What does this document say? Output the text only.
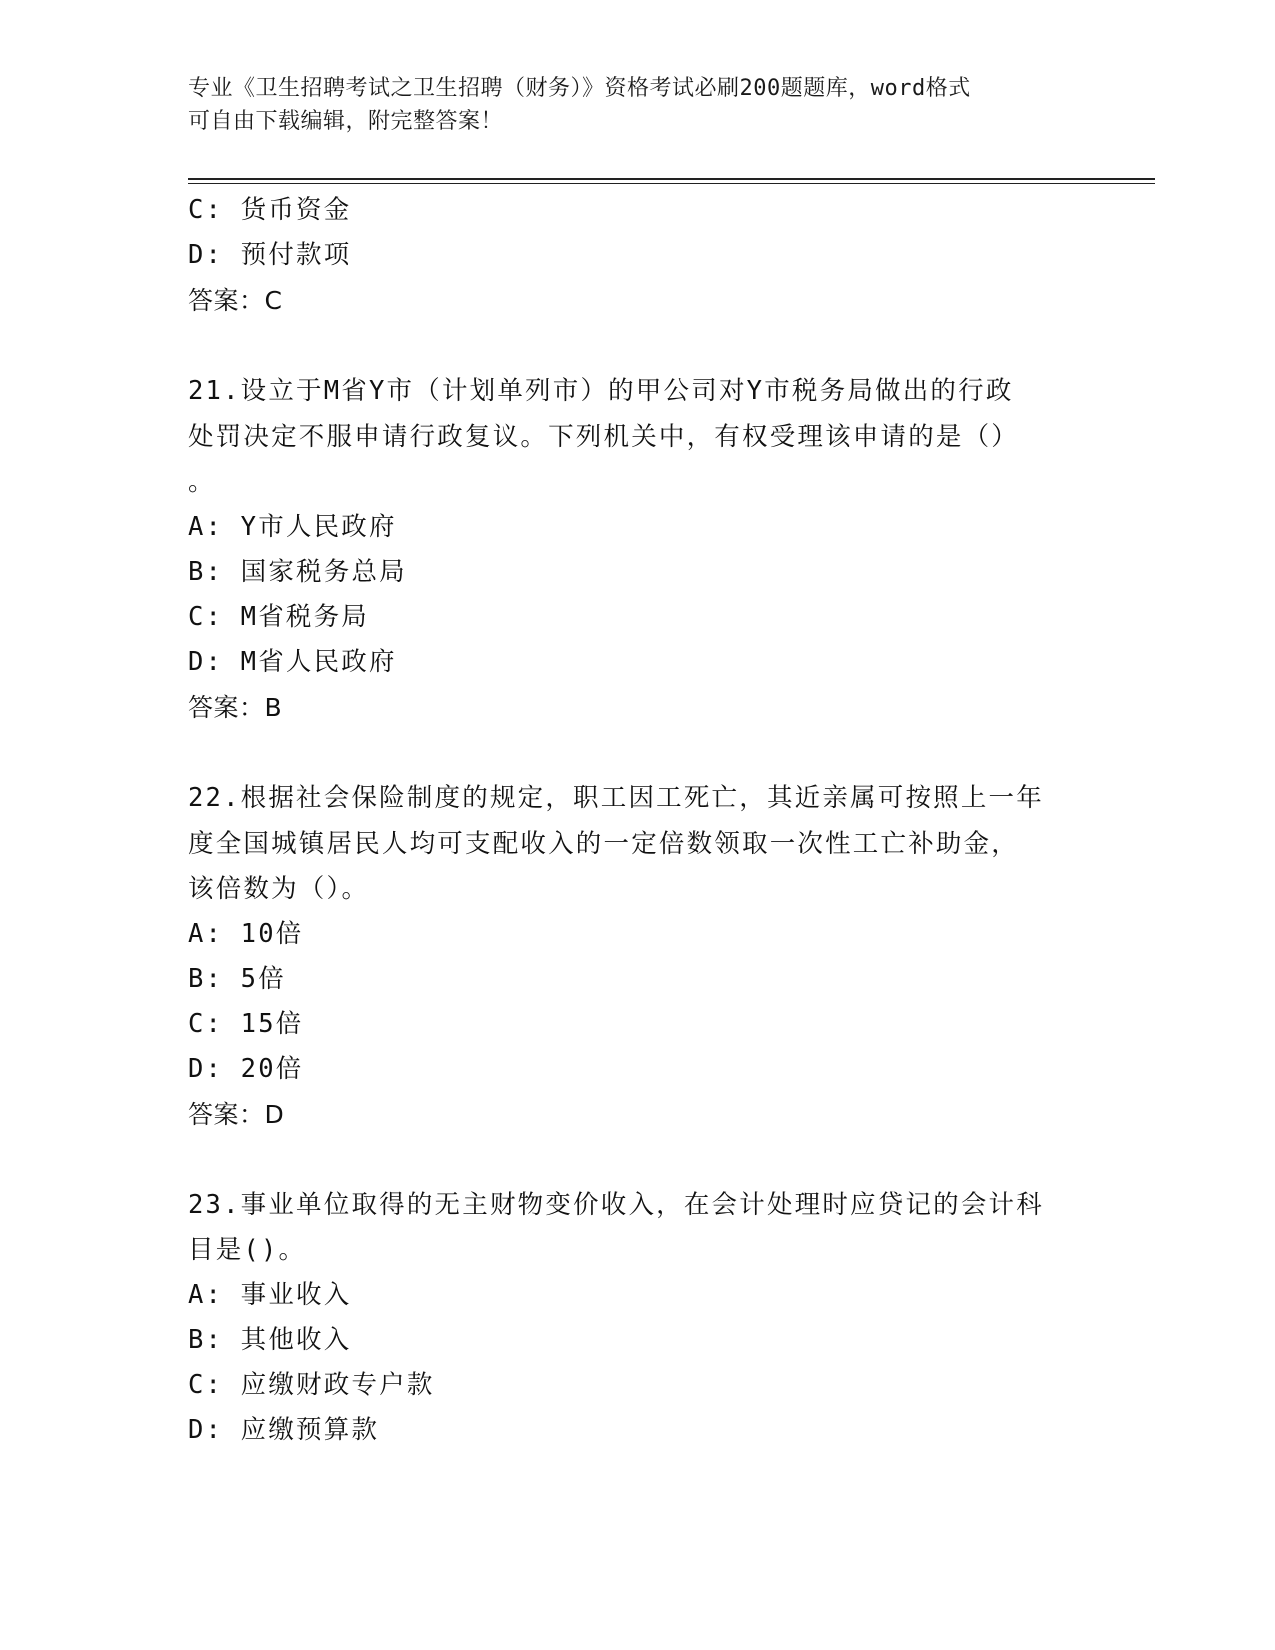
专业《卫生招聘考试之卫生招聘（财务）》资格考试必刷200题题库，word格式
可自由下载编辑，附完整答案！
C: 货币资金
D: 预付款项
答案：C
21.设立于M省Y市（计划单列市）的甲公司对Y市税务局做出的行政
处罚决定不服申请行政复议。下列机关中，有权受理该申请的是（）
。
A: Y市人民政府
B: 国家税务总局
C: M省税务局
D: M省人民政府
答案：B
22.根据社会保险制度的规定，职工因工死亡，其近亲属可按照上一年
度全国城镇居民人均可支配收入的一定倍数领取一次性工亡补助金，
该倍数为（）。
A: 10倍
B: 5倍
C: 15倍
D: 20倍
答案：D
23.事业单位取得的无主财物变价收入，在会计处理时应贷记的会计科
目是()。
A: 事业收入
B: 其他收入
C: 应缴财政专户款
D: 应缴预算款
